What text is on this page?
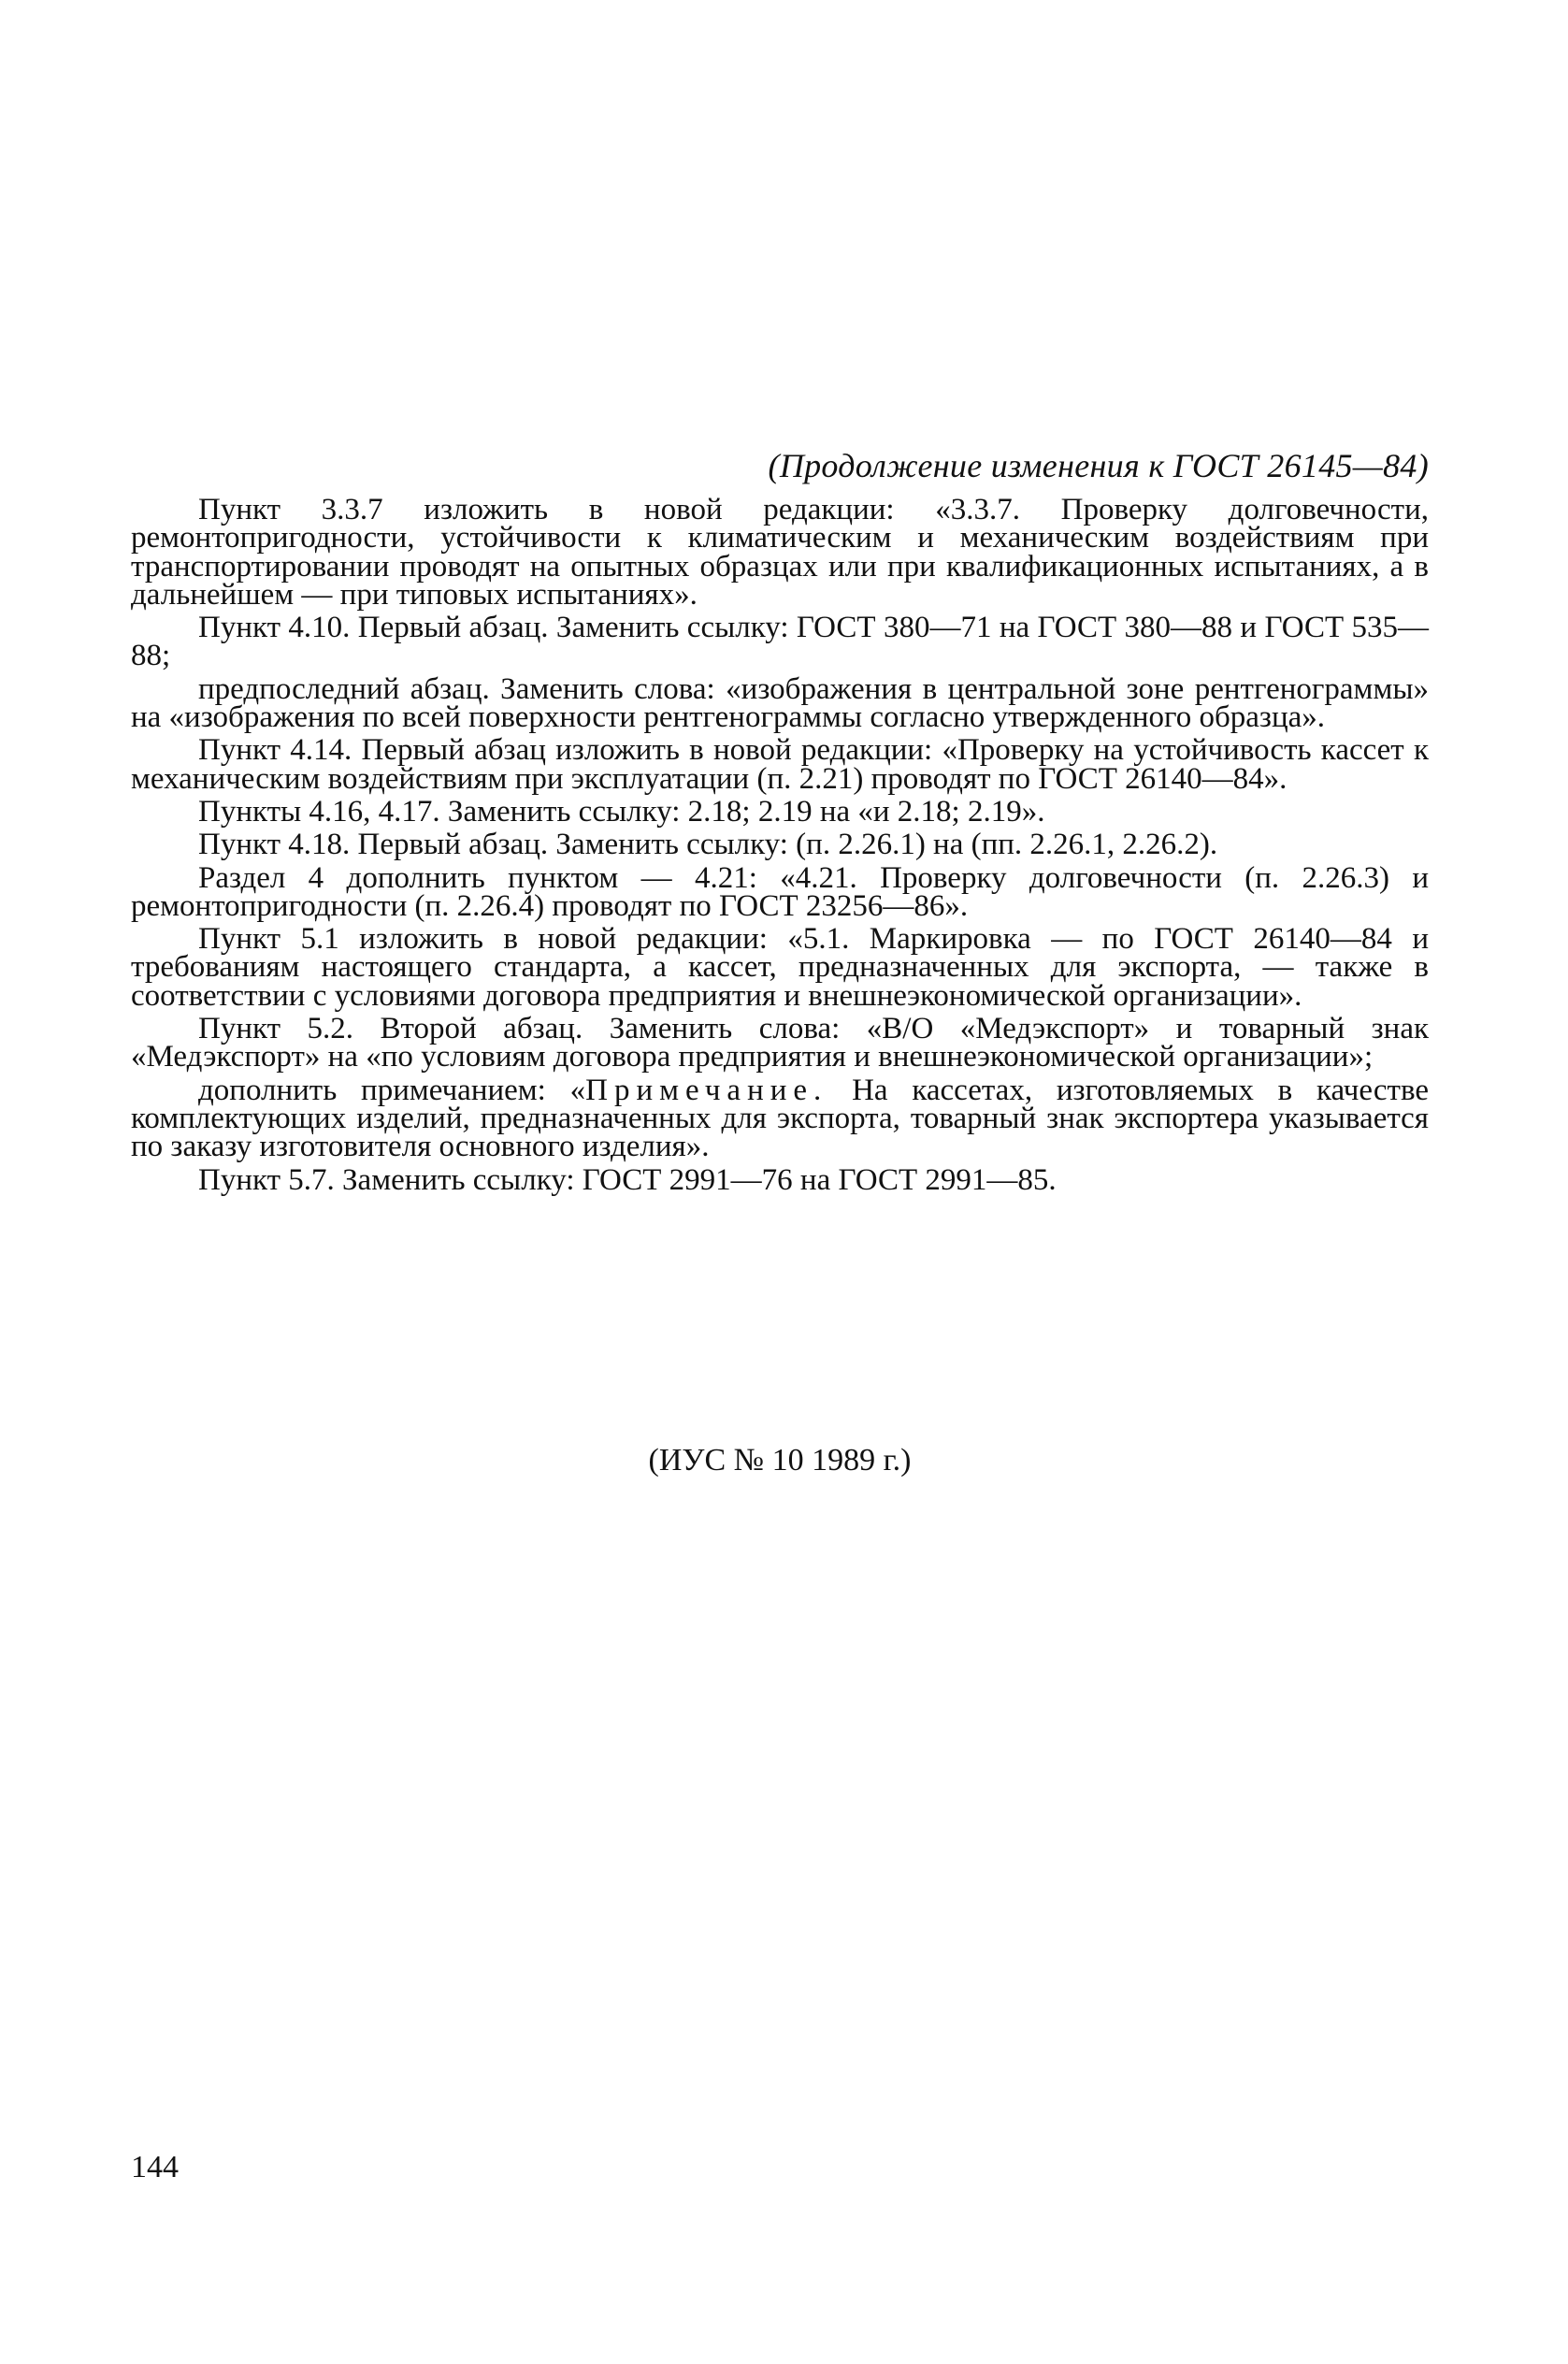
(Продолжение изменения к ГОСТ 26145—84)

Пункт 3.3.7 изложить в новой редакции: «3.3.7. Проверку долговечности, ремонтопригодности, устойчивости к климатическим и механическим воздействиям при транспортировании проводят на опытных образцах или при квалификационных испытаниях, а в дальнейшем — при типовых испытаниях».

Пункт 4.10. Первый абзац. Заменить ссылку: ГОСТ 380—71 на ГОСТ 380—88 и ГОСТ 535—88;

предпоследний абзац. Заменить слова: «изображения в центральной зоне рентгенограммы» на «изображения по всей поверхности рентгенограммы согласно утвержденного образца».

Пункт 4.14. Первый абзац изложить в новой редакции: «Проверку на устойчивость кассет к механическим воздействиям при эксплуатации (п. 2.21) проводят по ГОСТ 26140—84».

Пункты 4.16, 4.17. Заменить ссылку: 2.18; 2.19 на «и 2.18; 2.19».

Пункт 4.18. Первый абзац. Заменить ссылку: (п. 2.26.1) на (пп. 2.26.1, 2.26.2).

Раздел 4 дополнить пунктом — 4.21: «4.21. Проверку долговечности (п. 2.26.3) и ремонтопригодности (п. 2.26.4) проводят по ГОСТ 23256—86».

Пункт 5.1 изложить в новой редакции: «5.1. Маркировка — по ГОСТ 26140—84 и требованиям настоящего стандарта, а кассет, предназначенных для экспорта, — также в соответствии с условиями договора предприятия и внешнеэкономической организации».

Пункт 5.2. Второй абзац. Заменить слова: «В/О «Медэкспорт» и товарный знак «Медэкспорт» на «по условиям договора предприятия и внешнеэкономической организации»;

дополнить примечанием: «Примечание. На кассетах, изготовляемых в качестве комплектующих изделий, предназначенных для экспорта, товарный знак экспортера указывается по заказу изготовителя основного изделия».

Пункт 5.7. Заменить ссылку: ГОСТ 2991—76 на ГОСТ 2991—85.

(ИУС № 10 1989 г.)
144
